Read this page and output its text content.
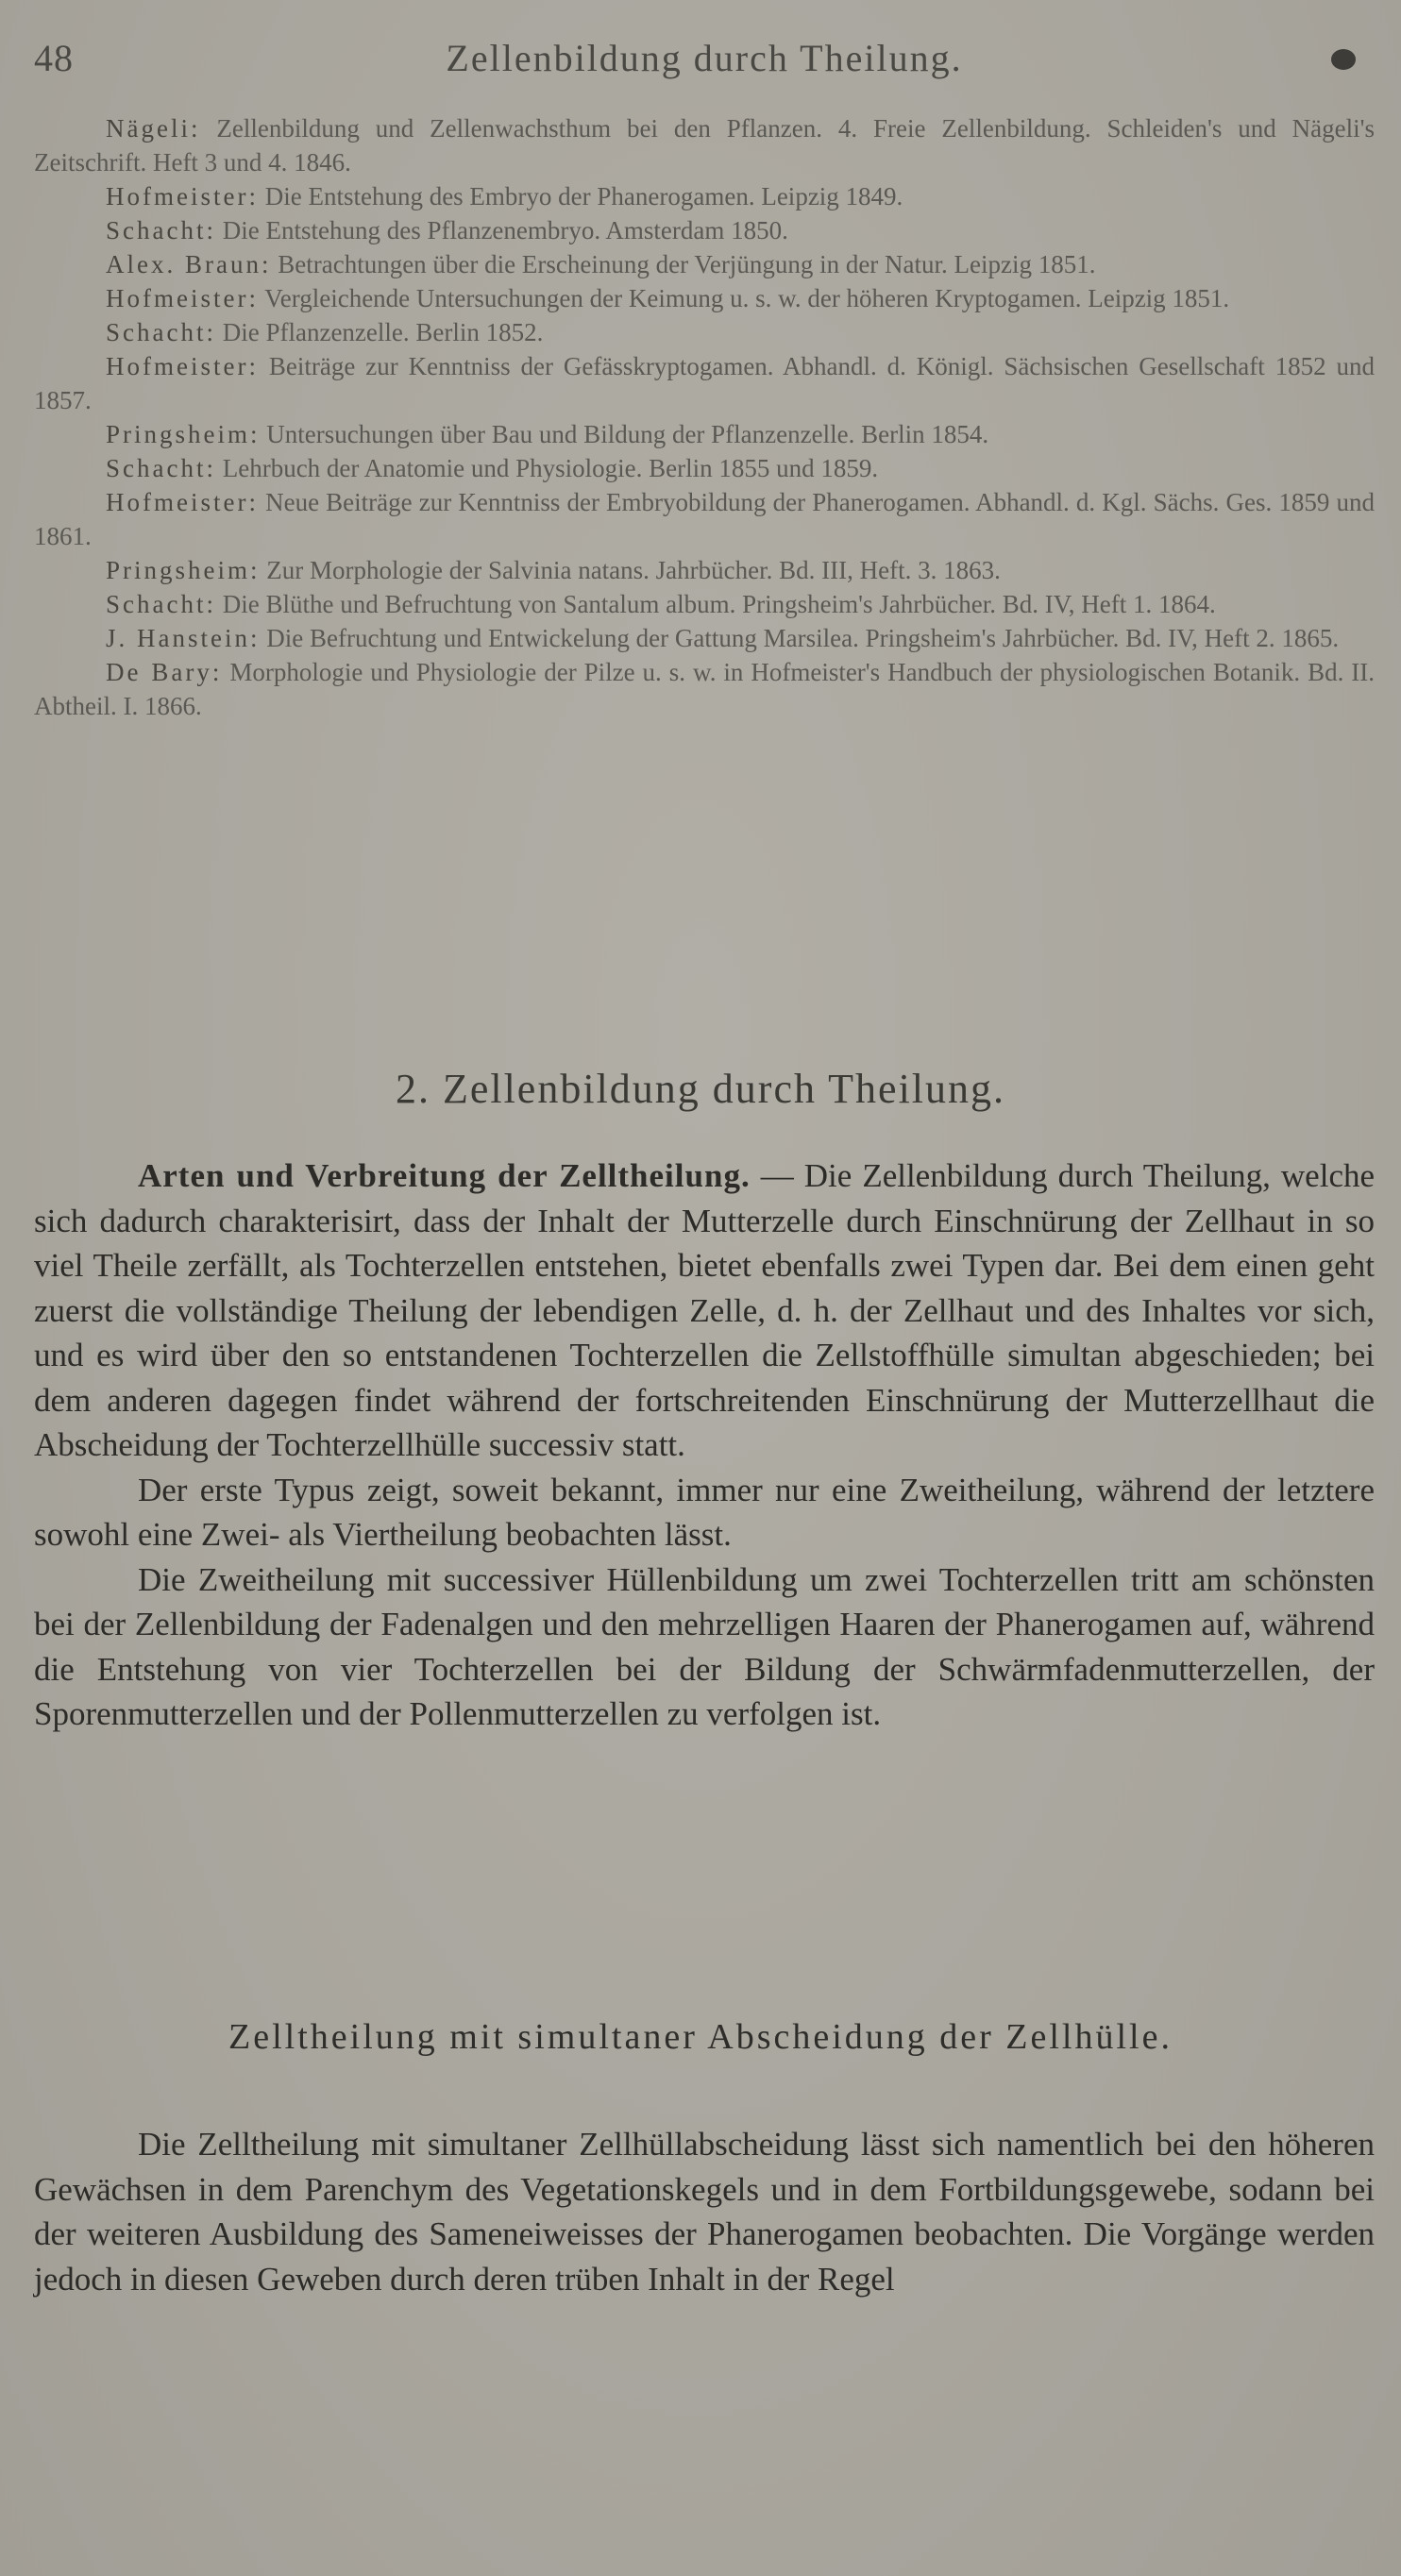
48	Zellenbildung durch Theilung.

Nägeli: Zellenbildung und Zellenwachsthum bei den Pflanzen. 4. Freie Zellenbildung. Schleiden's und Nägeli's Zeitschrift. Heft 3 und 4. 1846.

Hofmeister: Die Entstehung des Embryo der Phanerogamen. Leipzig 1849.

Schacht: Die Entstehung des Pflanzenembryo. Amsterdam 1850.

Alex. Braun: Betrachtungen über die Erscheinung der Verjüngung in der Natur. Leipzig 1851.

Hofmeister: Vergleichende Untersuchungen der Keimung u. s. w. der höheren Kryptogamen. Leipzig 1851.

Schacht: Die Pflanzenzelle. Berlin 1852.

Hofmeister: Beiträge zur Kenntniss der Gefässkryptogamen. Abhandl. d. Königl. Sächsischen Gesellschaft 1852 und 1857.

Pringsheim: Untersuchungen über Bau und Bildung der Pflanzenzelle. Berlin 1854.

Schacht: Lehrbuch der Anatomie und Physiologie. Berlin 1855 und 1859.

Hofmeister: Neue Beiträge zur Kenntniss der Embryobildung der Phanerogamen. Abhandl. d. Kgl. Sächs. Ges. 1859 und 1861.

Pringsheim: Zur Morphologie der Salvinia natans. Jahrbücher. Bd. III, Heft. 3. 1863.

Schacht: Die Blüthe und Befruchtung von Santalum album. Pringsheim's Jahrbücher. Bd. IV, Heft 1. 1864.

J. Hanstein: Die Befruchtung und Entwickelung der Gattung Marsilea. Pringsheim's Jahrbücher. Bd. IV, Heft 2. 1865.

De Bary: Morphologie und Physiologie der Pilze u. s. w. in Hofmeister's Handbuch der physiologischen Botanik. Bd. II. Abtheil. I. 1866.

2. Zellenbildung durch Theilung.

Arten und Verbreitung der Zelltheilung. — Die Zellenbildung durch Theilung, welche sich dadurch charakterisirt, dass der Inhalt der Mutterzelle durch Einschnürung der Zellhaut in so viel Theile zerfällt, als Tochterzellen entstehen, bietet ebenfalls zwei Typen dar. Bei dem einen geht zuerst die vollständige Theilung der lebendigen Zelle, d. h. der Zellhaut und des Inhaltes vor sich, und es wird über den so entstandenen Tochterzellen die Zellstoffhülle simultan abgeschieden; bei dem anderen dagegen findet während der fortschreitenden Einschnürung der Mutterzellhaut die Abscheidung der Tochterzellhülle successiv statt.

Der erste Typus zeigt, soweit bekannt, immer nur eine Zweitheilung, während der letztere sowohl eine Zwei- als Viertheilung beobachten lässt.

Die Zweitheilung mit successiver Hüllenbildung um zwei Tochterzellen tritt am schönsten bei der Zellenbildung der Fadenalgen und den mehrzelligen Haaren der Phanerogamen auf, während die Entstehung von vier Tochterzellen bei der Bildung der Schwärmfadenmutterzellen, der Sporenmutterzellen und der Pollenmutterzellen zu verfolgen ist.

Zelltheilung mit simultaner Abscheidung der Zellhülle.

Die Zelltheilung mit simultaner Zellhüllabscheidung lässt sich namentlich bei den höheren Gewächsen in dem Parenchym des Vegetationskegels und in dem Fortbildungsgewebe, sodann bei der weiteren Ausbildung des Sameneiweisses der Phanerogamen beobachten. Die Vorgänge werden jedoch in diesen Geweben durch deren trüben Inhalt in der Regel
